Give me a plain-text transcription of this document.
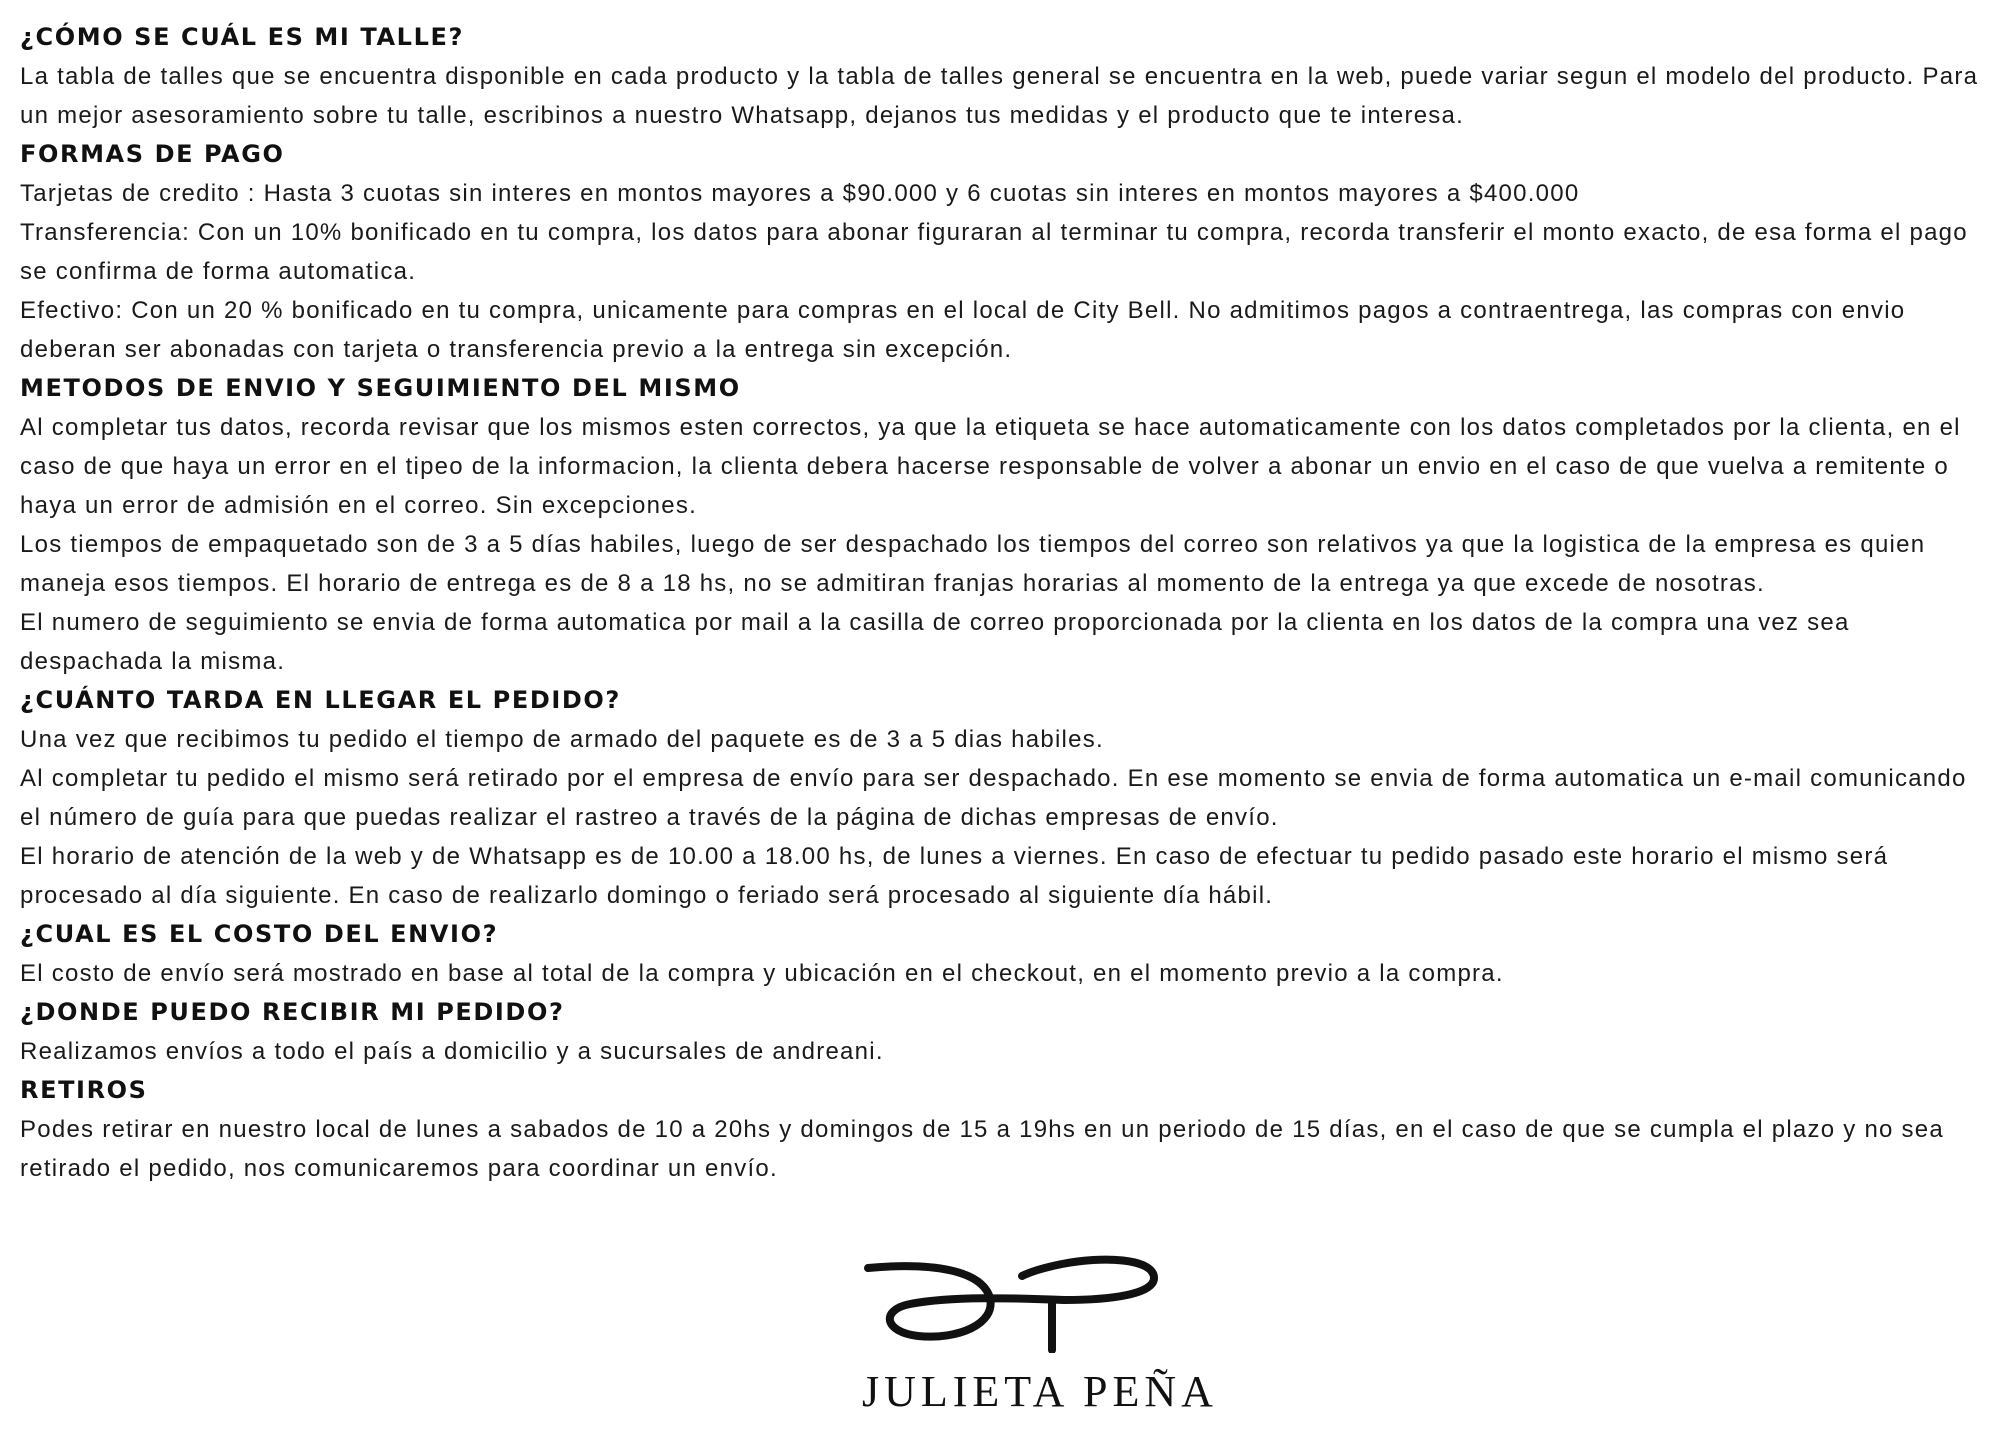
¿CÓMO SE CUÁL ES MI TALLE?

La tabla de talles que se encuentra disponible en cada producto y la tabla de talles general se encuentra en la web, puede variar segun el modelo del producto. Para un mejor asesoramiento sobre tu talle, escribinos a nuestro Whatsapp, dejanos tus medidas y el producto que te interesa.

FORMAS DE PAGO

Tarjetas de credito : Hasta 3 cuotas sin interes en montos mayores a $90.000 y 6 cuotas sin interes en montos mayores a $400.000

Transferencia: Con un 10% bonificado en tu compra, los datos para abonar figuraran al terminar tu compra, recorda transferir el monto exacto, de esa forma el pago se confirma de forma automatica.

Efectivo: Con un 20 % bonificado en tu compra, unicamente para compras en el local de City Bell. No admitimos pagos a contraentrega, las compras con envio deberan ser abonadas con tarjeta o transferencia previo a la entrega sin excepción.

METODOS DE ENVIO Y SEGUIMIENTO DEL MISMO

Al completar tus datos, recorda revisar que los mismos esten correctos, ya que la etiqueta se hace automaticamente con los datos completados por la clienta, en el caso de que haya un error en el tipeo de la informacion, la clienta debera hacerse responsable de volver a abonar un envio en el caso de que vuelva a remitente o haya un error de admisión en el correo. Sin excepciones.

Los tiempos de empaquetado son de 3 a 5 días habiles, luego de ser despachado los tiempos del correo son relativos ya que la logistica de la empresa es quien maneja esos tiempos. El horario de entrega es de 8 a 18 hs, no se admitiran franjas horarias al momento de la entrega ya que excede de nosotras.

El numero de seguimiento se envia de forma automatica por mail a la casilla de correo proporcionada por la clienta en los datos de la compra una vez sea despachada la misma.

¿CUÁNTO TARDA EN LLEGAR EL PEDIDO?

Una vez que recibimos tu pedido el tiempo de armado del paquete es de 3 a 5 dias habiles.

Al completar tu pedido el mismo será retirado por el empresa de envío para ser despachado. En ese momento se envia de forma automatica un e-mail comunicando el número de guía para que puedas realizar el rastreo a través de la página de dichas empresas de envío.

El horario de atención de la web y de Whatsapp es de 10.00 a 18.00 hs, de lunes a viernes. En caso de efectuar tu pedido pasado este horario el mismo será procesado al día siguiente. En caso de realizarlo domingo o feriado será procesado al siguiente día hábil.

¿CUAL ES EL COSTO DEL ENVIO?

El costo de envío será mostrado en base al total de la compra y ubicación en el checkout, en el momento previo a la compra.

¿DONDE PUEDO RECIBIR MI PEDIDO?

Realizamos envíos a todo el país a domicilio y a sucursales de andreani.

RETIROS

Podes retirar en nuestro local de lunes a sabados de 10 a 20hs y domingos de 15 a 19hs en un periodo de 15 días, en el caso de que se cumpla el plazo y no sea retirado el pedido, nos comunicaremos para coordinar un envío.

JULIETA PEÑA
